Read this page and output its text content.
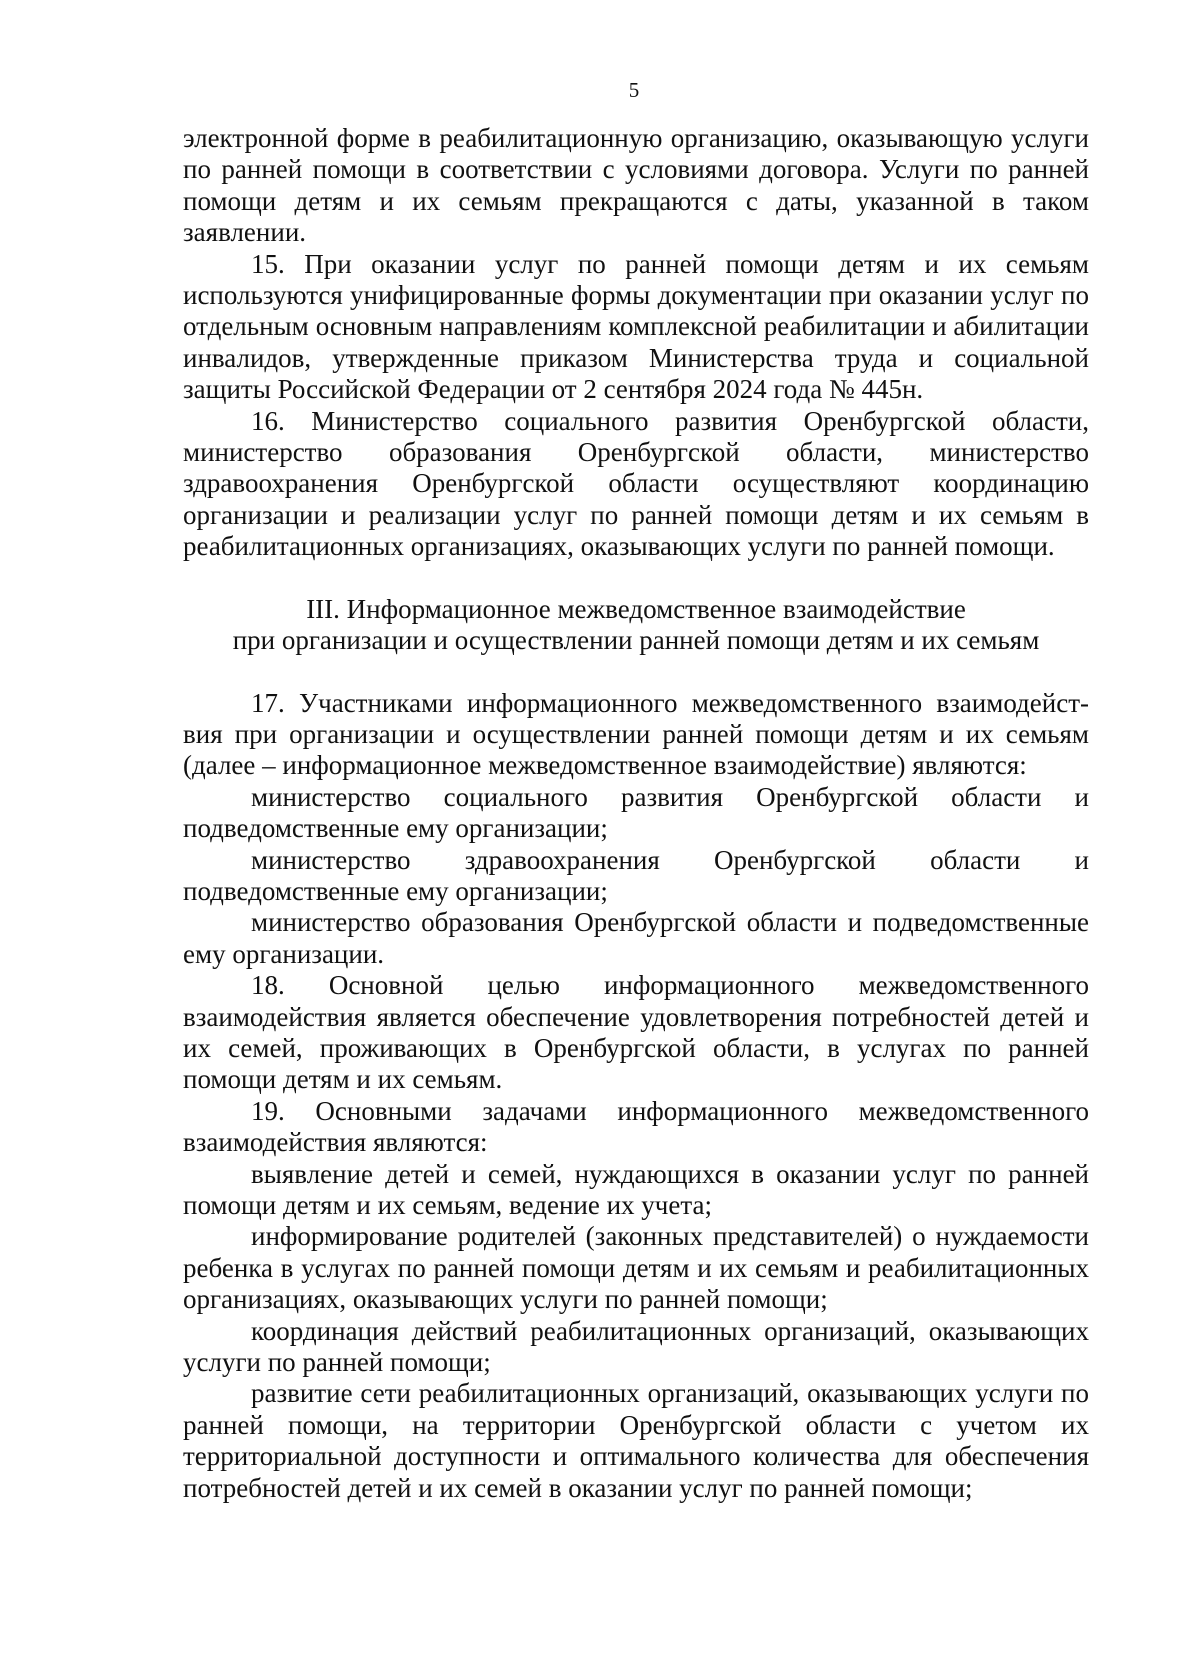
5

электронной форме в реабилитационную организацию, оказывающую услуги по ранней помощи в соответствии с условиями договора. Услуги по ранней помощи детям и их семьям прекращаются с даты, указанной в таком заявлении.

15. При оказании услуг по ранней помощи детям и их семьям используются унифицированные формы документации при оказании услуг по отдельным основным направлениям комплексной реабилитации и абилитации инвалидов, утвержденные приказом Министерства труда и социальной защиты Российской Федерации от 2 сентября 2024 года № 445н.

16. Министерство социального развития Оренбургской области, министерство образования Оренбургской области, министерство здравоохранения Оренбургской области осуществляют координацию организации и реализации услуг по ранней помощи детям и их семьям в реабилитационных организациях, оказывающих услуги по ранней помощи.

III. Информационное межведомственное взаимодействие
при организации и осуществлении ранней помощи детям и их семьям

17. Участниками информационного межведомственного взаимодейст-вия при организации и осуществлении ранней помощи детям и их семьям (далее – информационное межведомственное взаимодействие) являются:

министерство социального развития Оренбургской области и подведомственные ему организации;

министерство здравоохранения Оренбургской области и подведомственные ему организации;

министерство образования Оренбургской области и подведомственные ему организации.

18. Основной целью информационного межведомственного взаимодействия является обеспечение удовлетворения потребностей детей и их семей, проживающих в Оренбургской области, в услугах по ранней помощи детям и их семьям.

19. Основными задачами информационного межведомственного взаимодействия являются:

выявление детей и семей, нуждающихся в оказании услуг по ранней помощи детям и их семьям, ведение их учета;

информирование родителей (законных представителей) о нуждаемости ребенка в услугах по ранней помощи детям и их семьям и реабилитационных организациях, оказывающих услуги по ранней помощи;

координация действий реабилитационных организаций, оказывающих услуги по ранней помощи;

развитие сети реабилитационных организаций, оказывающих услуги по ранней помощи, на территории Оренбургской области с учетом их территориальной доступности и оптимального количества для обеспечения потребностей детей и их семей в оказании услуг по ранней помощи;
